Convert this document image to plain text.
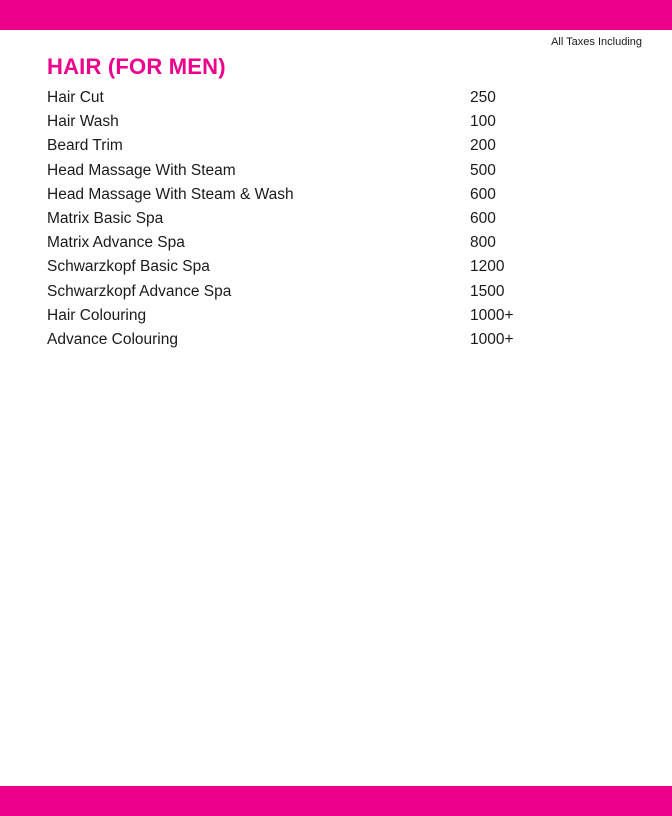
All Taxes Including
HAIR (FOR MEN)
Hair Cut	250
Hair Wash	100
Beard Trim	200
Head Massage With Steam	500
Head Massage With Steam & Wash	600
Matrix Basic Spa	600
Matrix Advance Spa	800
Schwarzkopf Basic Spa	1200
Schwarzkopf Advance Spa	1500
Hair Colouring	1000+
Advance Colouring	1000+
